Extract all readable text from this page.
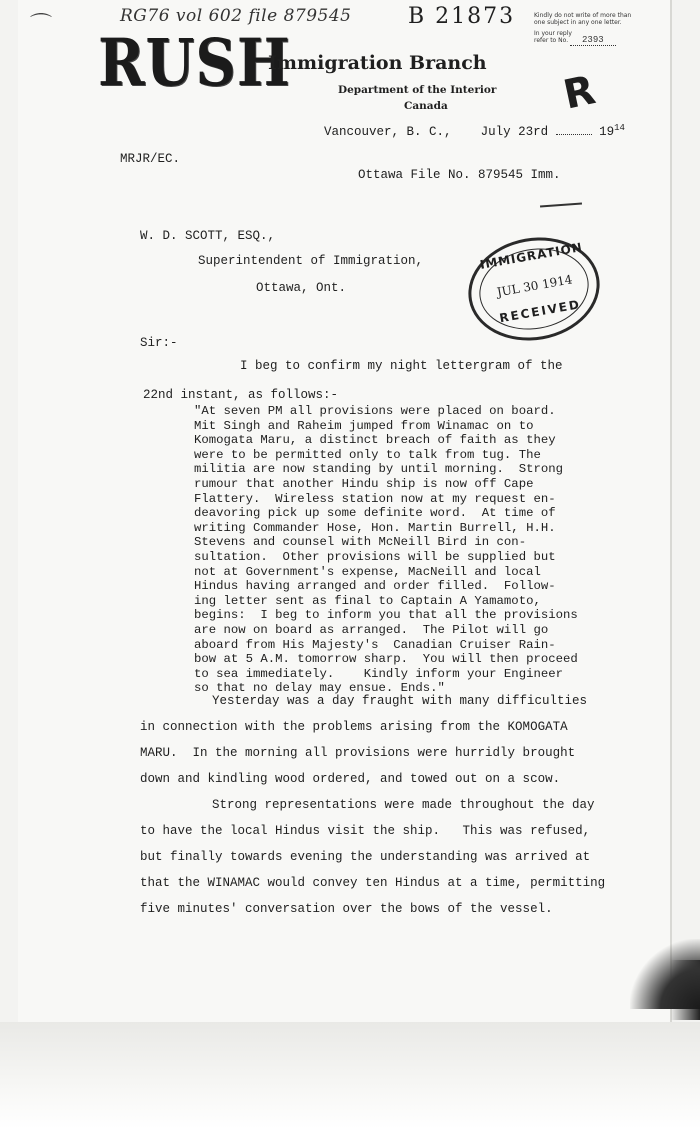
RG76 vol 602 file 879545
⌒	B 21873	Kindly do not write of more than
one subject in any one letter.
In your reply
refer to No. 2393
RUSH
Immigration Branch
Department of the Interior
Canada	R
Vancouver, B. C., July 23rd	$19^{14}$
MRJR/EC.
Ottawa File No. 879545 Imm.
W. D. SCOTT, ESQ.,
Superintendent of Immigration,
Ottawa, Ont.
IMMIGRATION
JUL 30 1914
RECEIVED
Sir:-
I beg to confirm my night lettergram of the
22nd instant, as follows:-
"At seven PM all provisions were placed on board.
Mit Singh and Raheim jumped from Winamac on to
Komogata Maru, a distinct breach of faith as they
were to be permitted only to talk from tug. The
militia are now standing by until morning.  Strong
rumour that another Hindu ship is now off Cape
Flattery.  Wireless station now at my request en-
deavoring pick up some definite word.  At time of
writing Commander Hose, Hon. Martin Burrell, H.H.
Stevens and counsel with McNeill Bird in con-
sultation.  Other provisions will be supplied but
not at Government's expense, MacNeill and local
Hindus having arranged and order filled.  Follow-
ing letter sent as final to Captain A Yamamoto,
begins:  I beg to inform you that all the provisions
are now on board as arranged.  The Pilot will go
aboard from His Majesty's  Canadian Cruiser Rain-
bow at 5 A.M. tomorrow sharp.  You will then proceed
to sea immediately.    Kindly inform your Engineer
so that no delay may ensue. Ends."
Yesterday was a day fraught with many difficulties
in connection with the problems arising from the KOMOGATA
MARU.  In the morning all provisions were hurridly brought
down and kindling wood ordered, and towed out on a scow.
Strong representations were made throughout the day
to have the local Hindus visit the ship.   This was refused,
but finally towards evening the understanding was arrived at
that the WINAMAC would convey ten Hindus at a time, permitting
five minutes' conversation over the bows of the vessel.
